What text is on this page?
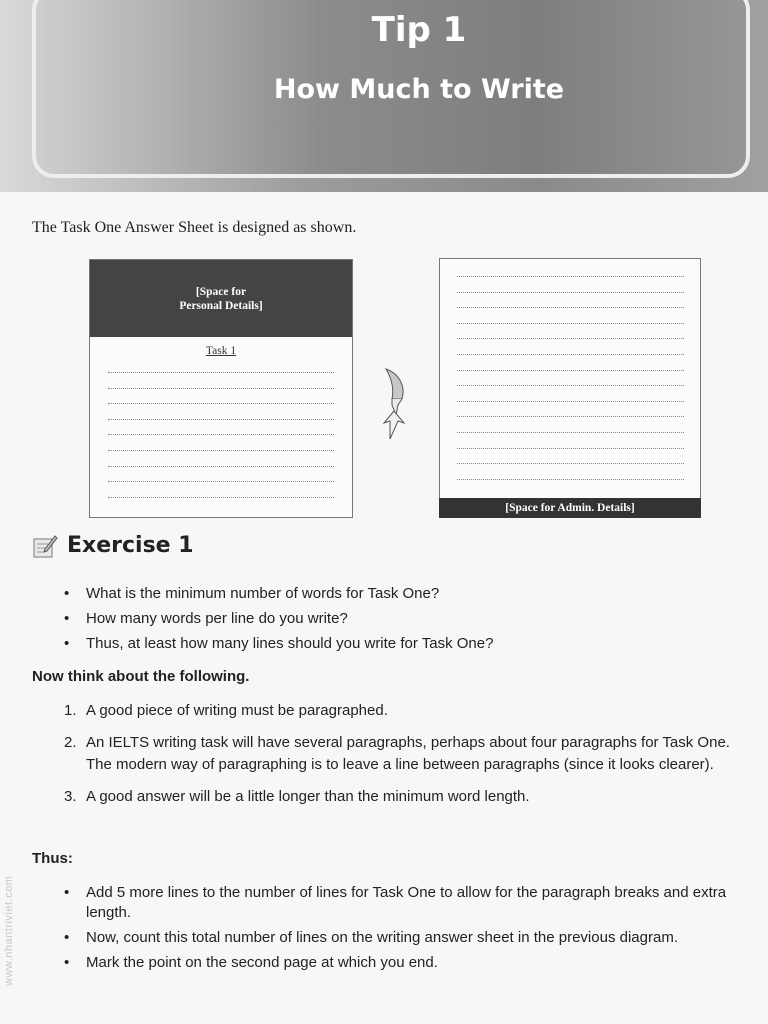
Tip 1
How Much to Write
The Task One Answer Sheet is designed as shown.
[Space for
Personal Details]
Task 1
[Space for Admin. Details]
Exercise 1
• What is the minimum number of words for Task One?
• How many words per line do you write?
• Thus, at least how many lines should you write for Task One?
Now think about the following.
1. A good piece of writing must be paragraphed.
2. An IELTS writing task will have several paragraphs, perhaps about four paragraphs for Task One. The modern way of paragraphing is to leave a line between paragraphs (since it looks clearer).
3. A good answer will be a little longer than the minimum word length.
Thus:
• Add 5 more lines to the number of lines for Task One to allow for the paragraph breaks and extra length.
• Now, count this total number of lines on the writing answer sheet in the previous diagram.
• Mark the point on the second page at which you end.
www.nhantriviet.com
